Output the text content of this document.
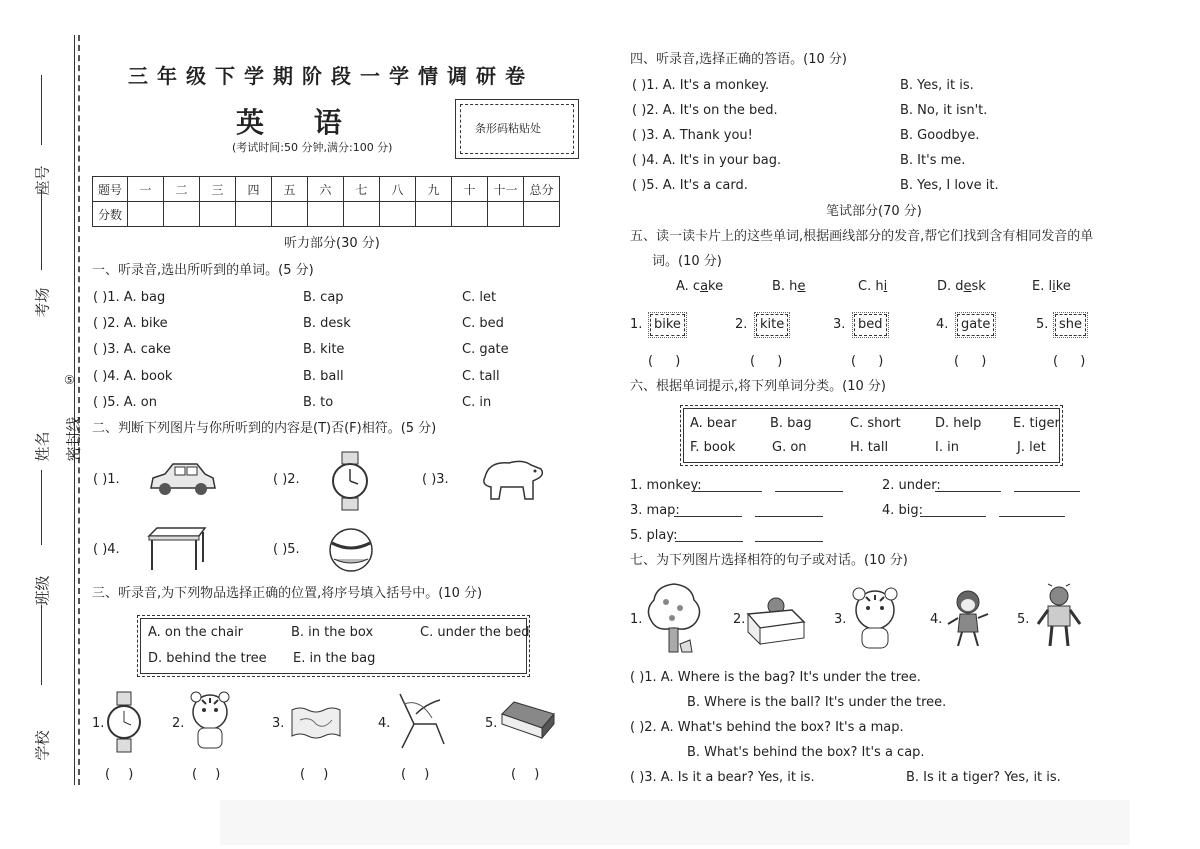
座号
考场
姓名 密封线
⑤
班级
学校
三年级下学期阶段一学情调研卷
英 语
(考试时间:50 分钟,满分:100 分)
条形码粘贴处
题号	一	二	三	四	五	六	七	八	九	十	十一	总分
分数												
听力部分(30 分)
一、听录音,选出所听到的单词。(5 分)
( )1. A. bag	B. cap	C. let
( )2. A. bike	B. desk	C. bed
( )3. A. cake	B. kite	C. gate
( )4. A. book	B. ball	C. tall
( )5. A. on	B. to	C. in
二、判断下列图片与你所听到的内容是(T)否(F)相符。(5 分)
( )1.	( )2.	( )3.
( )4.	( )5.
三、听录音,为下列物品选择正确的位置,将序号填入括号中。(10 分)
A. on the chair	B. in the box	C. under the bed
D. behind the tree E. in the bag
1.	2.	3.	4.	5.
( )	( )	( )	( )	( )
四、听录音,选择正确的答语。(10 分)
( )1. A. It's a monkey.	B. Yes, it is.
( )2. A. It's on the bed.	B. No, it isn't.
( )3. A. Thank you!	B. Goodbye.
( )4. A. It's in your bag.	B. It's me.
( )5. A. It's a card.	B. Yes, I love it.
笔试部分(70 分)
五、读一读卡片上的这些单词,根据画线部分的发音,帮它们找到含有相同发音的单
词。(10 分)
A. cake	B. he	C. hi	D. desk	E. like
1. bike	2. kite	3. bed	4. gate	5. she
( )	( )	( )	( )	( )
六、根据单词提示,将下列单词分类。(10 分)
A. bear	B. bag	C. short	D. help E. tiger
F. book	G. on	H. tall	I. in	J. let
1. monkey:	2. under:
3. map:	4. big:
5. play:
七、为下列图片选择相符的句子或对话。(10 分)
1.	2.	3.	4.	5.
( )1. A. Where is the bag? It's under the tree.
B. Where is the ball? It's under the tree.
( )2. A. What's behind the box? It's a map.
B. What's behind the box? It's a cap.
( )3. A. Is it a bear? Yes, it is.	B. Is it a tiger? Yes, it is.
